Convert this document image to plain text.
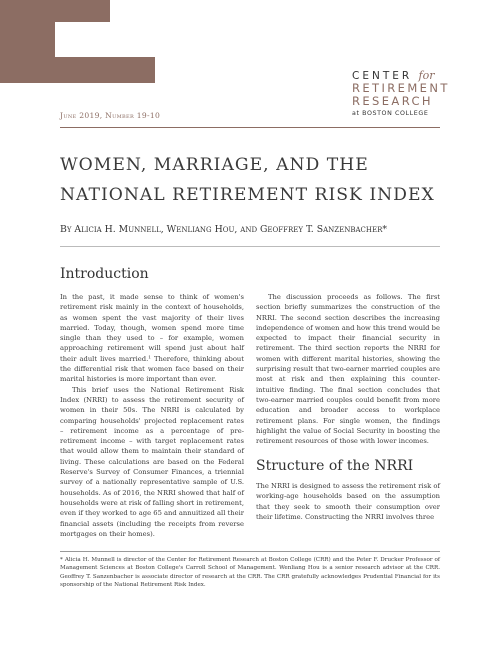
CENTER for
RETIREMENT
RESEARCH
at BOSTON COLLEGE
June 2019, Number 19-10
WOMEN, MARRIAGE, AND THE NATIONAL RETIREMENT RISK INDEX
By Alicia H. Munnell, Wenliang Hou, and Geoffrey T. Sanzenbacher*
Introduction

In the past, it made sense to think of women's retirement risk mainly in the context of households, as women spent the vast majority of their lives married. Today, though, women spend more time single than they used to – for example, women approaching retirement will spend just about half their adult lives married.¹ Therefore, thinking about the differential risk that women face based on their marital histories is more important than ever.

This brief uses the National Retirement Risk Index (NRRI) to assess the retirement security of women in their 50s. The NRRI is calculated by comparing households' projected replacement rates – retirement income as a percentage of pre-retirement income – with target replacement rates that would allow them to maintain their standard of living. These calculations are based on the Federal Reserve's Survey of Consumer Finances, a triennial survey of a nationally representative sample of U.S. households. As of 2016, the NRRI showed that half of households were at risk of falling short in retirement, even if they worked to age 65 and annuitized all their financial assets (including the receipts from reverse mortgages on their homes).

The discussion proceeds as follows. The first section briefly summarizes the construction of the NRRI. The second section describes the increasing independence of women and how this trend would be expected to impact their financial security in retirement. The third section reports the NRRI for women with different marital histories, showing the surprising result that two-earner married couples are most at risk and then explaining this counter-intuitive finding. The final section concludes that two-earner married couples could benefit from more education and broader access to workplace retirement plans. For single women, the findings highlight the value of Social Security in boosting the retirement resources of those with lower incomes.

Structure of the NRRI

The NRRI is designed to assess the retirement risk of working-age households based on the assumption that they seek to smooth their consumption over their lifetime. Constructing the NRRI involves three

* Alicia H. Munnell is director of the Center for Retirement Research at Boston College (CRR) and the Peter F. Drucker Professor of Management Sciences at Boston College's Carroll School of Management. Wenliang Hou is a senior research advisor at the CRR. Geoffrey T. Sanzenbacher is associate director of research at the CRR. The CRR gratefully acknowledges Prudential Financial for its sponsorship of the National Retirement Risk Index.
